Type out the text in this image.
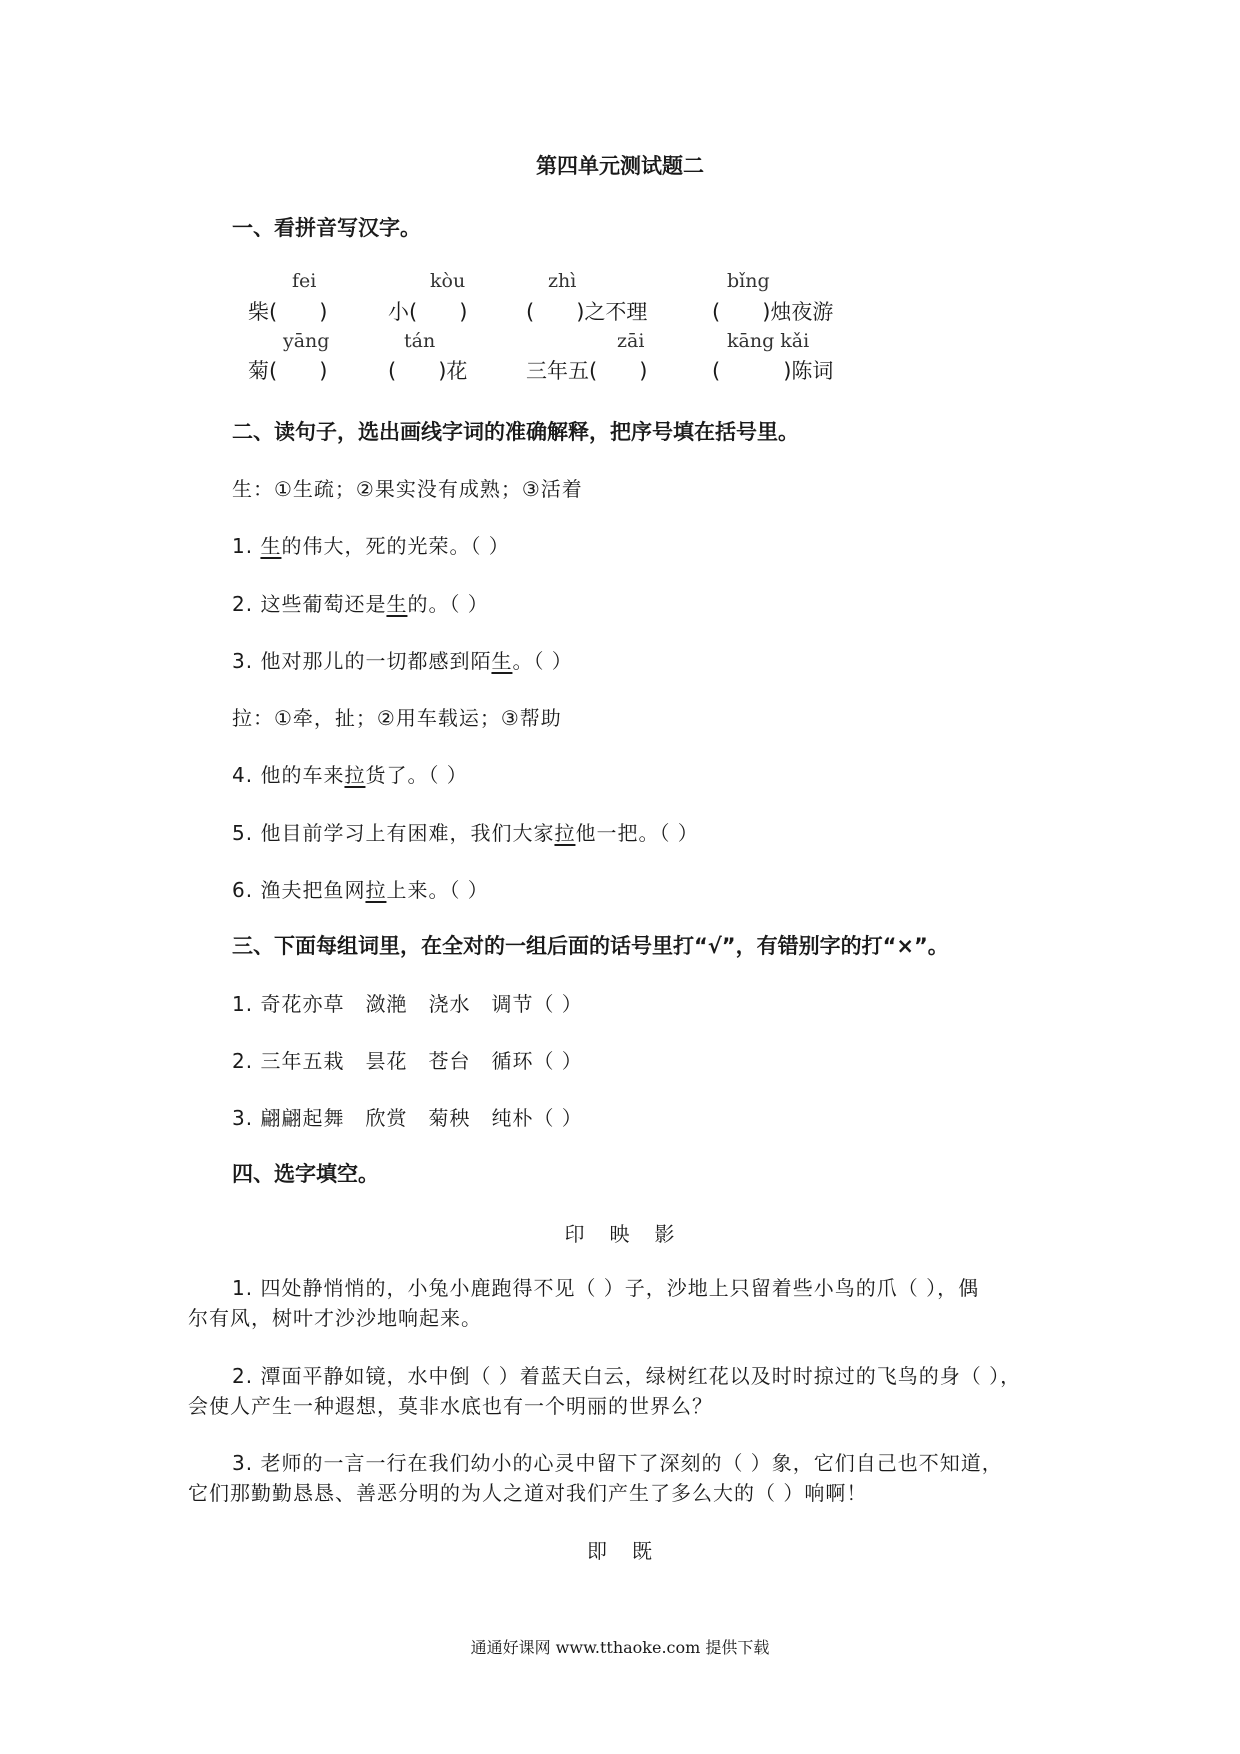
第四单元测试题二
一、看拼音写汉字。
fei	kòu	zhì	bǐng
柴(　　)	小(　　)	(　　)之不理	(　　)烛夜游
yāng	tán	zāi	kāng kǎi
菊(　　)	(　　)花	三年五(　　)	(　　　)陈词
二、读句子，选出画线字词的准确解释，把序号填在括号里。
生：①生疏；②果实没有成熟；③活着
1. 生的伟大，死的光荣。（ ）
2. 这些葡萄还是生的。（ ）
3. 他对那儿的一切都感到陌生。（ ）
拉：①牵，扯；②用车载运；③帮助
4. 他的车来拉货了。（ ）
5. 他目前学习上有困难，我们大家拉他一把。（ ）
6. 渔夫把鱼网拉上来。（ ）
三、下面每组词里，在全对的一组后面的话号里打“√”，有错别字的打“×”。
1. 奇花亦草　潋滟　浇水　调节（ ）
2. 三年五栽　昙花　苍台　循环（ ）
3. 翩翩起舞　欣赏　菊秧　纯朴（ ）
四、选字填空。
印 映 影
1. 四处静悄悄的，小兔小鹿跑得不见（ ）子，沙地上只留着些小鸟的爪（ ），偶
尔有风，树叶才沙沙地响起来。
2. 潭面平静如镜，水中倒（ ）着蓝天白云，绿树红花以及时时掠过的飞鸟的身（ ），
会使人产生一种遐想，莫非水底也有一个明丽的世界么？
3. 老师的一言一行在我们幼小的心灵中留下了深刻的（ ）象，它们自己也不知道，
它们那勤勤恳恳、善恶分明的为人之道对我们产生了多么大的（ ）响啊！
即 既
通通好课网 www.tthaoke.com 提供下载
